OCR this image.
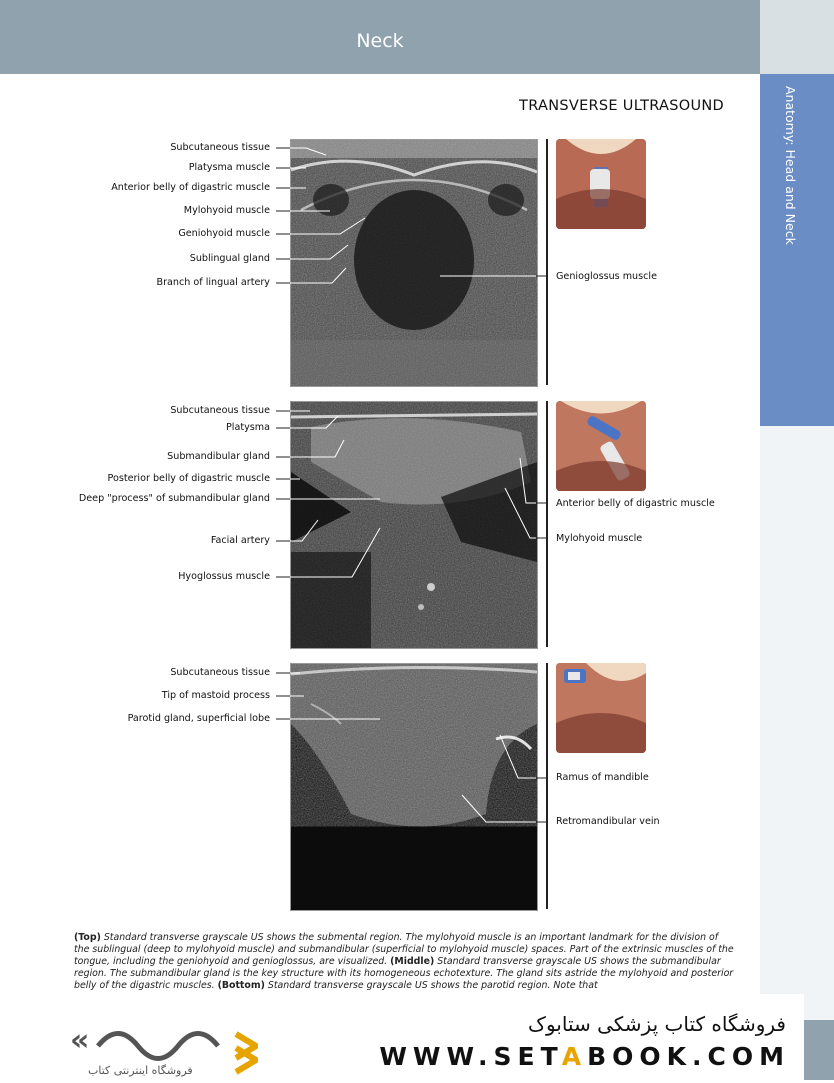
Neck
Anatomy: Head and Neck
TRANSVERSE ULTRASOUND
Subcutaneous tissue
Platysma muscle
Anterior belly of digastric muscle
Mylohyoid muscle
Geniohyoid muscle
Sublingual gland
Branch of lingual artery
Genioglossus muscle
Subcutaneous tissue
Platysma
Submandibular gland
Posterior belly of digastric muscle
Deep "process" of submandibular gland
Facial artery
Hyoglossus muscle
Anterior belly of digastric muscle
Mylohyoid muscle
Subcutaneous tissue
Tip of mastoid process
Parotid gland, superficial lobe
Ramus of mandible
Retromandibular vein
(Top) Standard transverse grayscale US shows the submental region. The mylohyoid muscle is an important landmark for the division of the sublingual (deep to mylohyoid muscle) and submandibular (superficial to mylohyoid muscle) spaces. Part of the extrinsic muscles of the tongue, including the geniohyoid and genioglossus, are visualized. (Middle) Standard transverse grayscale US shows the submandibular region. The submandibular gland is the key structure with its homogeneous echotexture. The gland sits astride the mylohyoid and posterior belly of the digastric muscles. (Bottom) Standard transverse grayscale US shows the parotid region. Note that
«
فروشگاه اینترنتی کتاب
فروشگاه کتاب پزشکی ستابوک
WWW.SETABOOK.COM
